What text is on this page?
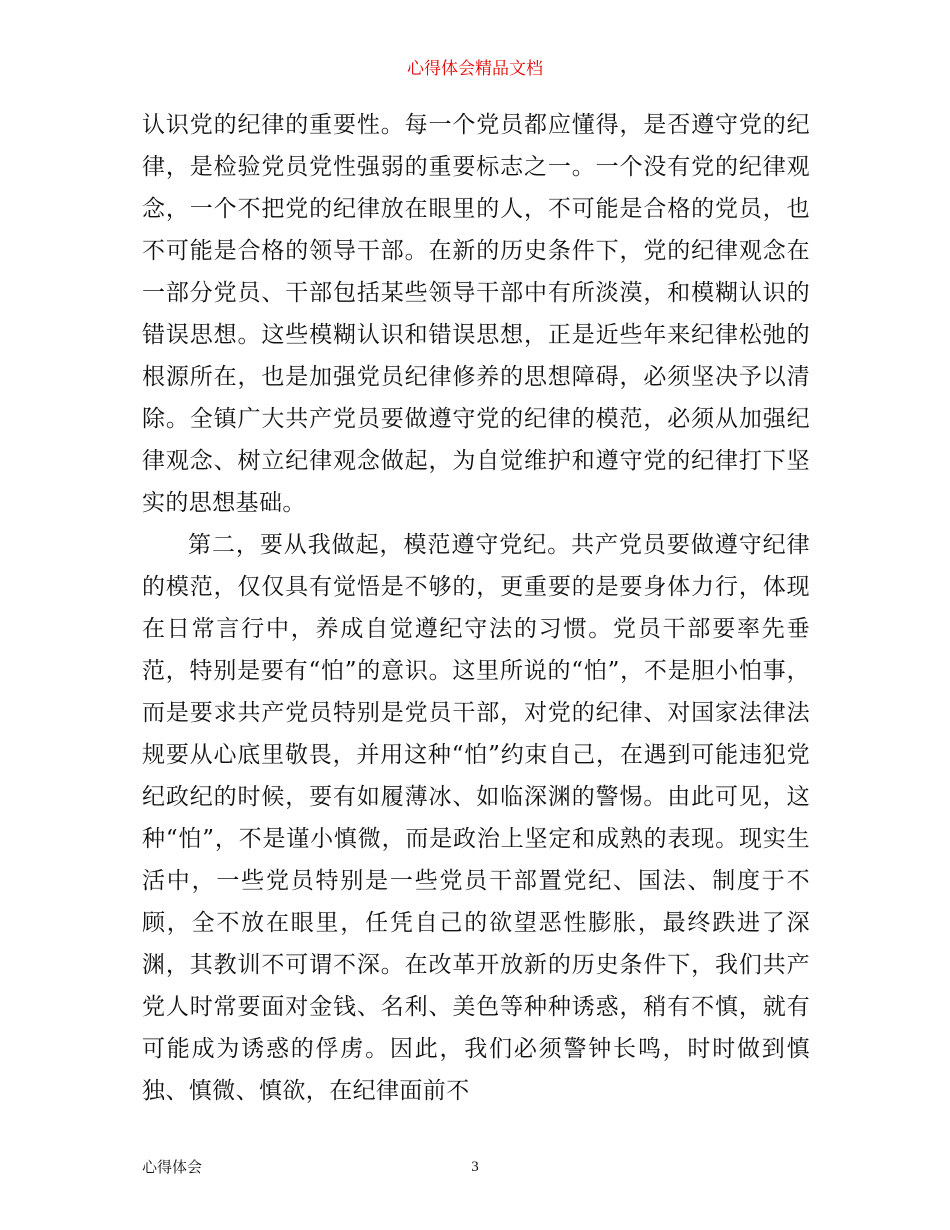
心得体会精品文档

认识党的纪律的重要性。每一个党员都应懂得，是否遵守党的纪律，是检验党员党性强弱的重要标志之一。一个没有党的纪律观念，一个不把党的纪律放在眼里的人，不可能是合格的党员，也不可能是合格的领导干部。在新的历史条件下，党的纪律观念在一部分党员、干部包括某些领导干部中有所淡漠，和模糊认识的错误思想。这些模糊认识和错误思想，正是近些年来纪律松弛的根源所在，也是加强党员纪律修养的思想障碍，必须坚决予以清除。全镇广大共产党员要做遵守党的纪律的模范，必须从加强纪律观念、树立纪律观念做起，为自觉维护和遵守党的纪律打下坚实的思想基础。

第二，要从我做起，模范遵守党纪。共产党员要做遵守纪律的模范，仅仅具有觉悟是不够的，更重要的是要身体力行，体现在日常言行中，养成自觉遵纪守法的习惯。党员干部要率先垂范，特别是要有“怕”的意识。这里所说的“怕”，不是胆小怕事，而是要求共产党员特别是党员干部，对党的纪律、对国家法律法规要从心底里敬畏，并用这种“怕”约束自己，在遇到可能违犯党纪政纪的时候，要有如履薄冰、如临深渊的警惕。由此可见，这种“怕”，不是谨小慎微，而是政治上坚定和成熟的表现。现实生活中，一些党员特别是一些党员干部置党纪、国法、制度于不顾，全不放在眼里，任凭自己的欲望恶性膨胀，最终跌进了深渊，其教训不可谓不深。在改革开放新的历史条件下，我们共产党人时常要面对金钱、名利、美色等种种诱惑，稍有不慎，就有可能成为诱惑的俘虏。因此，我们必须警钟长鸣，时时做到慎独、慎微、慎欲，在纪律面前不

心得体会	3
